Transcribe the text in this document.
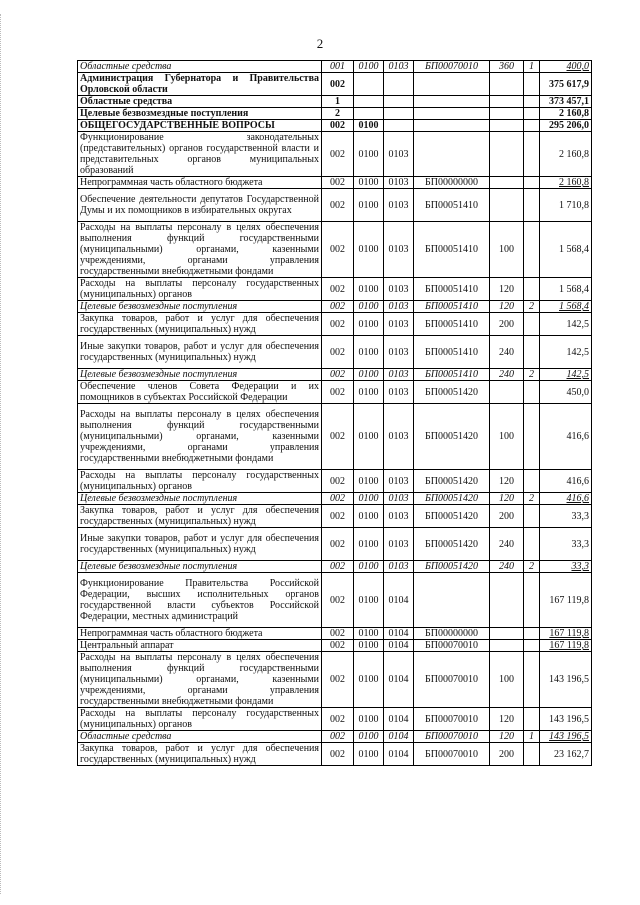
2
Областные средства	001	0100	0103	БП00070010	360	1	400,0
Администрация Губернатора и Правительства Орловской области	002						375 617,9
Областные средства	1						373 457,1
Целевые безвозмездные поступления	2						2 160,8
ОБЩЕГОСУДАРСТВЕННЫЕ ВОПРОСЫ	002	0100					295 206,0
Функционирование законодательных (представительных) органов государственной власти и представительных органов муниципальных образований	002	0100	0103				2 160,8
Непрограммная часть областного бюджета	002	0100	0103	БП00000000			2 160,8
Обеспечение деятельности депутатов Государственной Думы и их помощников в избирательных округах	002	0100	0103	БП00051410			1 710,8
Расходы на выплаты персоналу в целях обеспечения выполнения функций государственными (муниципальными) органами, казенными учреждениями, органами управления государственными внебюджетными фондами	002	0100	0103	БП00051410	100		1 568,4
Расходы на выплаты персоналу государственных (муниципальных) органов	002	0100	0103	БП00051410	120		1 568,4
Целевые безвозмездные поступления	002	0100	0103	БП00051410	120	2	1 568,4
Закупка товаров, работ и услуг для обеспечения государственных (муниципальных) нужд	002	0100	0103	БП00051410	200		142,5
Иные закупки товаров, работ и услуг для обеспечения государственных (муниципальных) нужд	002	0100	0103	БП00051410	240		142,5
Целевые безвозмездные поступления	002	0100	0103	БП00051410	240	2	142,5
Обеспечение членов Совета Федерации и их помощников в субъектах Российской Федерации	002	0100	0103	БП00051420			450,0
Расходы на выплаты персоналу в целях обеспечения выполнения функций государственными (муниципальными) органами, казенными учреждениями, органами управления государственными внебюджетными фондами	002	0100	0103	БП00051420	100		416,6
Расходы на выплаты персоналу государственных (муниципальных) органов	002	0100	0103	БП00051420	120		416,6
Целевые безвозмездные поступления	002	0100	0103	БП00051420	120	2	416,6
Закупка товаров, работ и услуг для обеспечения государственных (муниципальных) нужд	002	0100	0103	БП00051420	200		33,3
Иные закупки товаров, работ и услуг для обеспечения государственных (муниципальных) нужд	002	0100	0103	БП00051420	240		33,3
Целевые безвозмездные поступления	002	0100	0103	БП00051420	240	2	33,3
Функционирование Правительства Российской Федерации, высших исполнительных органов государственной власти субъектов Российской Федерации, местных администраций	002	0100	0104				167 119,8
Непрограммная часть областного бюджета	002	0100	0104	БП00000000			167 119,8
Центральный аппарат	002	0100	0104	БП00070010			167 119,8
Расходы на выплаты персоналу в целях обеспечения выполнения функций государственными (муниципальными) органами, казенными учреждениями, органами управления государственными внебюджетными фондами	002	0100	0104	БП00070010	100		143 196,5
Расходы на выплаты персоналу государственных (муниципальных) органов	002	0100	0104	БП00070010	120		143 196,5
Областные средства	002	0100	0104	БП00070010	120	1	143 196,5
Закупка товаров, работ и услуг для обеспечения государственных (муниципальных) нужд	002	0100	0104	БП00070010	200		23 162,7
